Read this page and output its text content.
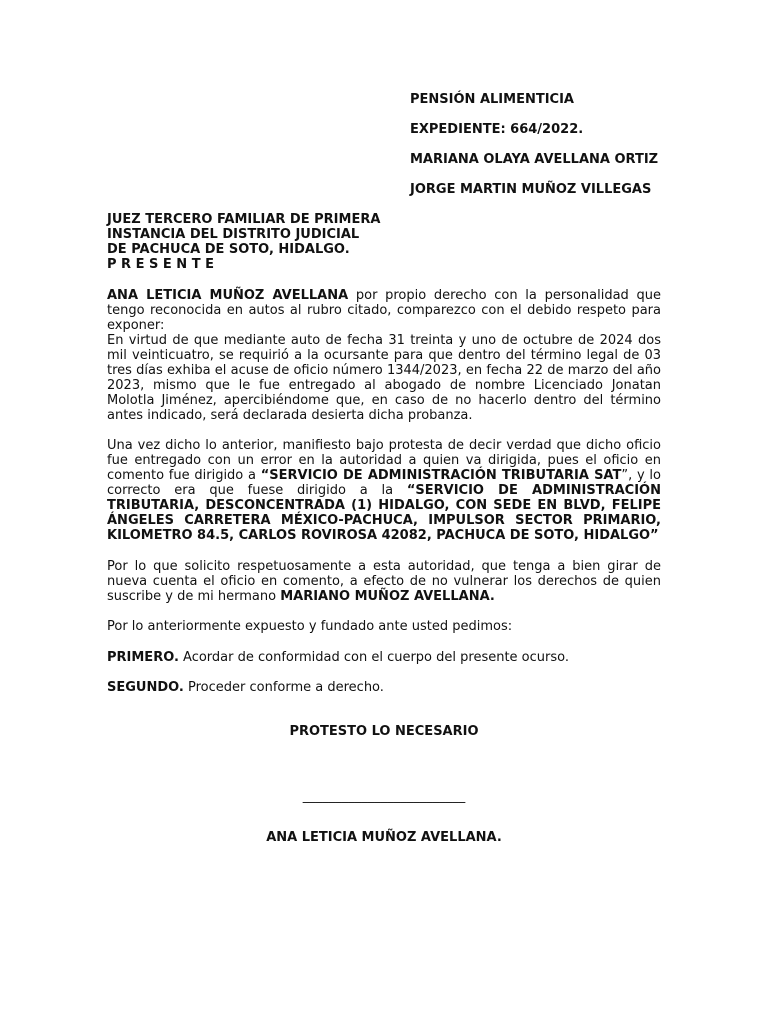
PENSIÓN ALIMENTICIA
EXPEDIENTE: 664/2022.
MARIANA OLAYA AVELLANA ORTIZ
JORGE MARTIN MUÑOZ VILLEGAS
JUEZ TERCERO FAMILIAR DE PRIMERA
INSTANCIA DEL DISTRITO JUDICIAL
DE PACHUCA DE SOTO, HIDALGO.
P R E S E N T E

ANA LETICIA MUÑOZ AVELLANA por propio derecho con la personalidad que tengo reconocida en autos al rubro citado, comparezco con el debido respeto para exponer:

En virtud de que mediante auto de fecha 31 treinta y uno de octubre de 2024 dos mil veinticuatro, se requirió a la ocursante para que dentro del término legal de 03 tres días exhiba el acuse de oficio número 1344/2023, en fecha 22 de marzo del año 2023, mismo que le fue entregado al abogado de nombre Licenciado Jonatan Molotla Jiménez, apercibiéndome que, en caso de no hacerlo dentro del término antes indicado, será declarada desierta dicha probanza.

Una vez dicho lo anterior, manifiesto bajo protesta de decir verdad que dicho oficio fue entregado con un error en la autoridad a quien va dirigida, pues el oficio en comento fue dirigido a “SERVICIO DE ADMINISTRACIÓN TRIBUTARIA SAT”, y lo correcto era que fuese dirigido a la “SERVICIO DE ADMINISTRACIÓN TRIBUTARIA, DESCONCENTRADA (1) HIDALGO, CON SEDE EN BLVD, FELIPE ÁNGELES CARRETERA MÉXICO-PACHUCA, IMPULSOR SECTOR PRIMARIO, KILOMETRO 84.5, CARLOS ROVIROSA 42082, PACHUCA DE SOTO, HIDALGO”

Por lo que solicito respetuosamente a esta autoridad, que tenga a bien girar de nueva cuenta el oficio en comento, a efecto de no vulnerar los derechos de quien suscribe y de mi hermano MARIANO MUÑOZ AVELLANA.

Por lo anteriormente expuesto y fundado ante usted pedimos:

PRIMERO. Acordar de conformidad con el cuerpo del presente ocurso.

SEGUNDO. Proceder conforme a derecho.

PROTESTO LO NECESARIO
_________________________
ANA LETICIA MUÑOZ AVELLANA.
